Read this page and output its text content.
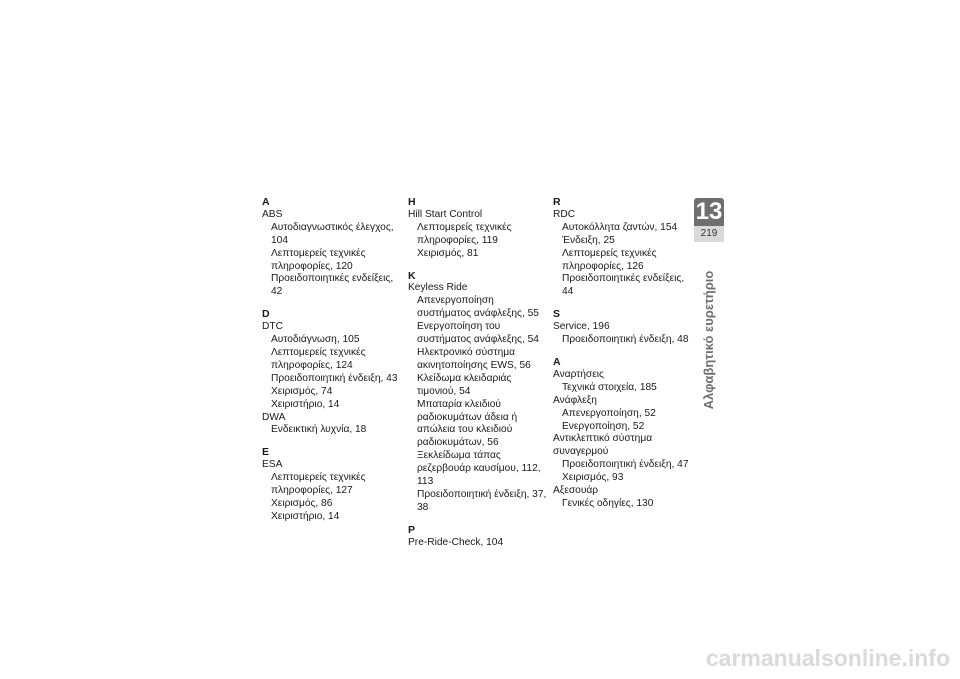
A
ABS
Αυτοδιαγνωστικός έλεγχος, 104
Λεπτομερείς τεχνικές πληροφορίες, 120
Προειδοποιητικές ενδείξεις, 42
D
DTC
Αυτοδιάγνωση, 105
Λεπτομερείς τεχνικές πληροφορίες, 124
Προειδοποιητική ένδειξη, 43
Χειρισμός, 74
Χειριστήριο, 14
DWA
Ενδεικτική λυχνία, 18
E
ESA
Λεπτομερείς τεχνικές πληροφορίες, 127
Χειρισμός, 86
Χειριστήριο, 14
H
Hill Start Control
Λεπτομερείς τεχνικές πληροφορίες, 119
Χειρισμός, 81
K
Keyless Ride
Απενεργοποίηση συστήματος ανάφλεξης, 55
Ενεργοποίηση του συστήματος ανάφλεξης, 54
Ηλεκτρονικό σύστημα ακινητοποίησης EWS, 56
Κλείδωμα κλειδαριάς τιμονιού, 54
Μπαταρία κλειδιού ραδιοκυμάτων άδεια ή απώλεια του κλειδιού ραδιοκυμάτων, 56
Ξεκλείδωμα τάπας ρεζερβουάρ καυσίμου, 112, 113
Προειδοποιητική ένδειξη, 37, 38
P
Pre-Ride-Check, 104
R
RDC
Αυτοκόλλητα ζαντών, 154
Ένδειξη, 25
Λεπτομερείς τεχνικές πληροφορίες, 126
Προειδοποιητικές ενδείξεις, 44
S
Service, 196
Προειδοποιητική ένδειξη, 48
Α
Αναρτήσεις
Τεχνικά στοιχεία, 185
Ανάφλεξη
Απενεργοποίηση, 52
Ενεργοποίηση, 52
Αντικλεπτικό σύστημα συναγερμού
Προειδοποιητική ένδειξη, 47
Χειρισμός, 93
Αξεσουάρ
Γενικές οδηγίες, 130
13
219
Αλφαβητικό ευρετήριο
carmanualsonline.info
